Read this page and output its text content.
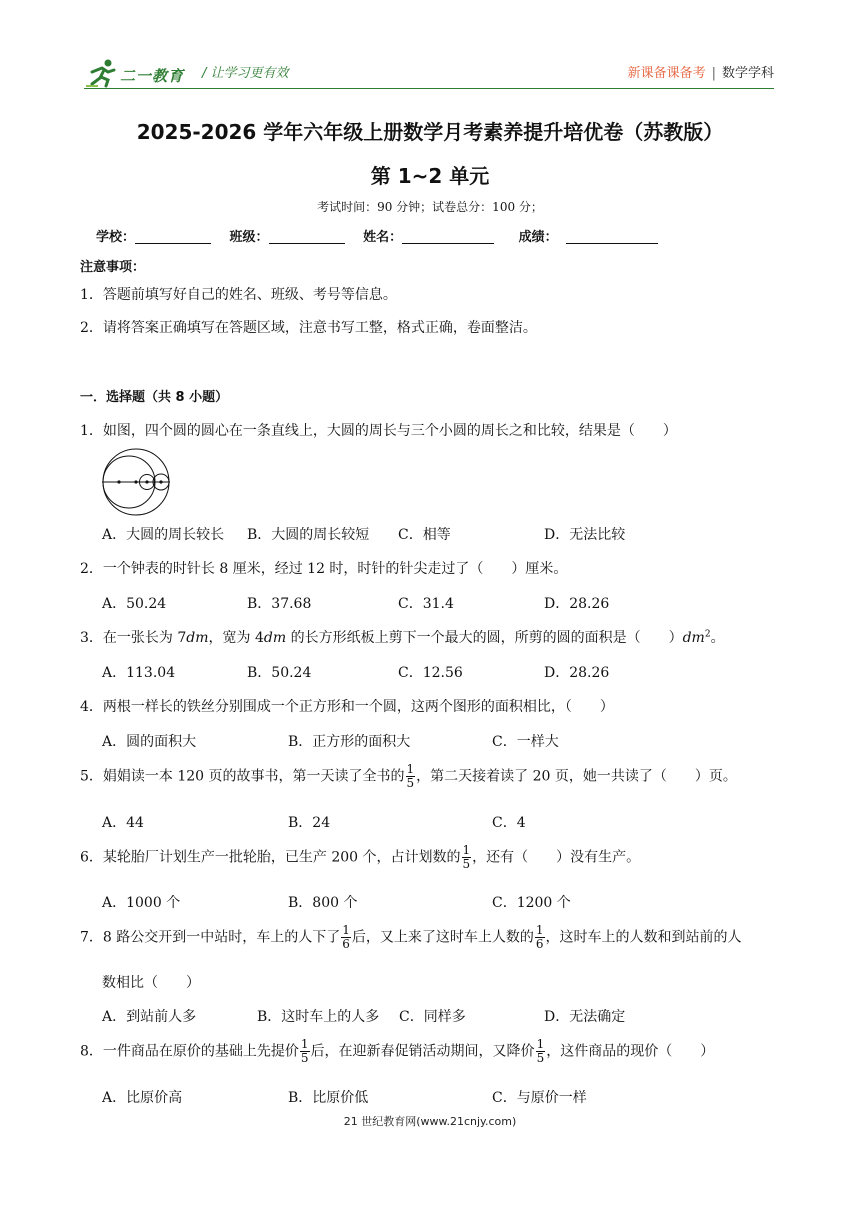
二一教育 / 让学习更有效	新课备课备考 | 数学学科
2025-2026 学年六年级上册数学月考素养提升培优卷（苏教版）
第 1~2 单元
考试时间：90 分钟；试卷总分：100 分；
学校：	班级：	姓名：	成绩：
注意事项：
1．答题前填写好自己的姓名、班级、考号等信息。
2．请将答案正确填写在答题区域，注意书写工整，格式正确，卷面整洁。
一．选择题（共 8 小题）
1．如图，四个圆的圆心在一条直线上，大圆的周长与三个小圆的周长之和比较，结果是（　　）
A．大圆的周长较长 B．大圆的周长较短 C．相等	D．无法比较
2．一个钟表的时针长 8 厘米，经过 12 时，时针的针尖走过了（　　）厘米。
A．50.24	B．37.68	C．31.4	D．28.26
3．在一张长为 7dm，宽为 4dm 的长方形纸板上剪下一个最大的圆，所剪的圆的面积是（　　）$dm^2$。
A．113.04	B．50.24	C．12.56	D．28.26
4．两根一样长的铁丝分别围成一个正方形和一个圆，这两个图形的面积相比，（　　）
A．圆的面积大	B．正方形的面积大	C．一样大
5．娟娟读一本 120 页的故事书，第一天读了全书的 $\frac{1}{5}$ ，第二天接着读了 20 页，她一共读了（　　）页。
A．44	B．24	C．4
6．某轮胎厂计划生产一批轮胎，已生产 200 个，占计划数的 $\frac{1}{5}$ ，还有（　　）没有生产。
A．1000 个	B．800 个	C．1200 个
7．8 路公交开到一中站时，车上的人下了 $\frac{1}{6}$ 后，又上来了这时车上人数的 $\frac{1}{6}$ ，这时车上的人数和到站前的人
数相比（　　）
A．到站前人多	B．这时车上的人多 C．同样多	D．无法确定
8．一件商品在原价的基础上先提价 $\frac{1}{5}$ 后，在迎新春促销活动期间，又降价 $\frac{1}{5}$ ，这件商品的现价（　　）
A．比原价高	B．比原价低	C．与原价一样
21 世纪教育网(www.21cnjy.com)
